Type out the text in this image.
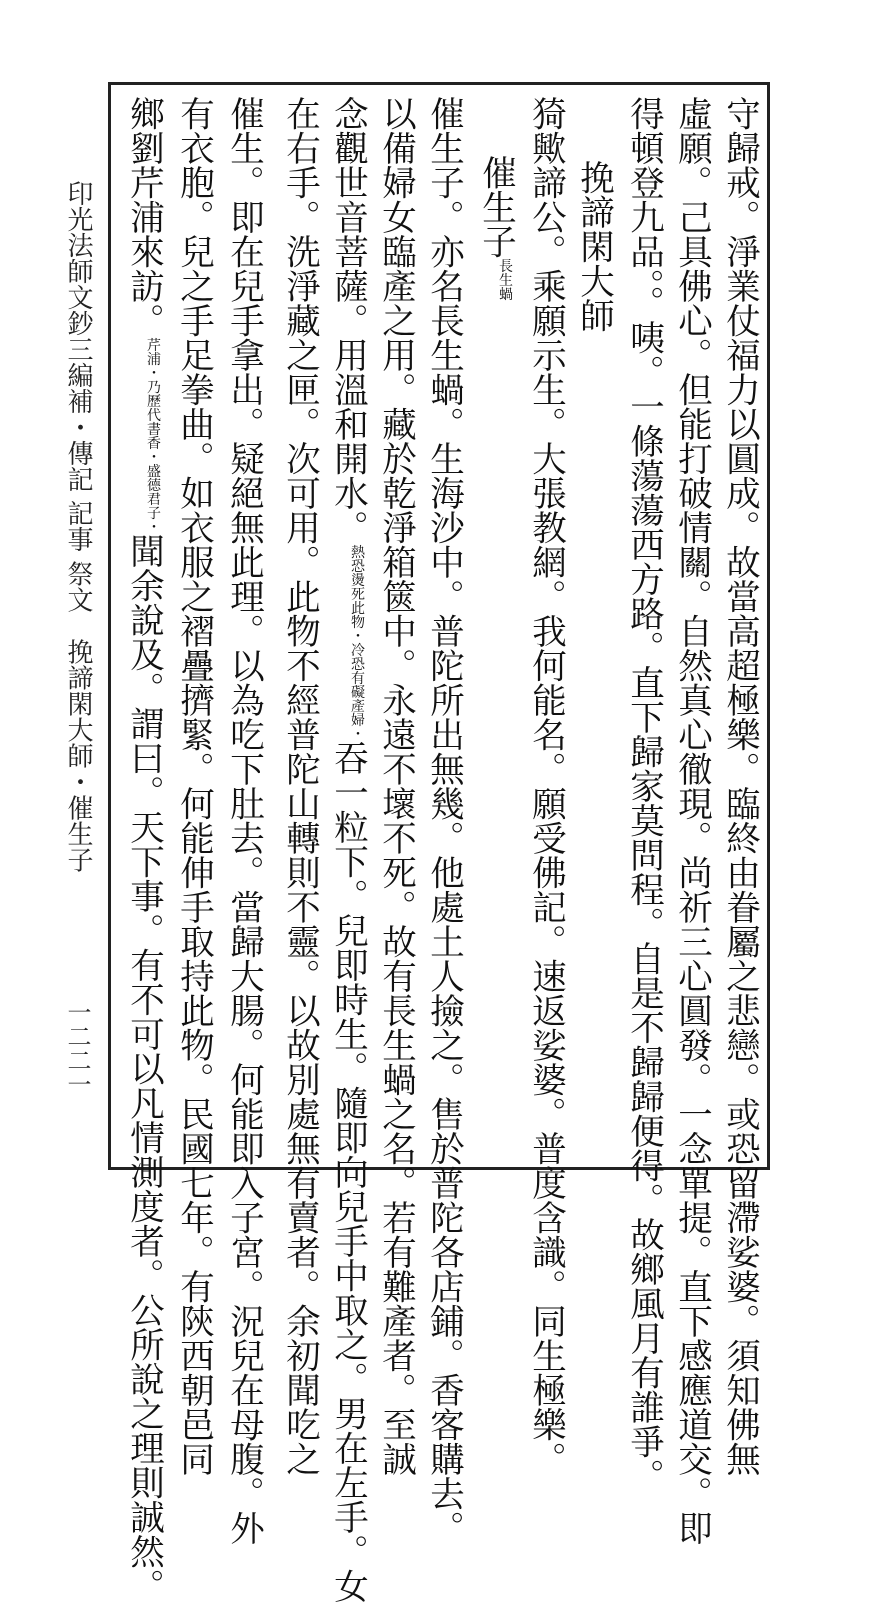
守歸戒。淨業仗福力以圓成。故當高超極樂。臨終由眷屬之悲戀。或恐留滯娑婆。須知佛無
虛願。己具佛心。但能打破情關。自然真心徹現。尚祈三心圓發。一念單提。直下感應道交。即
得頓登九品。。咦。一條蕩蕩西方路。直下歸家莫問程。自是不歸歸便得。故鄉風月有誰爭。
挽諦閑大師
猗歟諦公。乘願示生。大張教網。我何能名。願受佛記。速返娑婆。普度含識。同生極樂。
催生子長生蝸
催生子。亦名長生蝸。生海沙中。普陀所出無幾。他處土人撿之。售於普陀各店鋪。香客購去。
以備婦女臨產之用。藏於乾淨箱篋中。永遠不壞不死。故有長生蝸之名。若有難產者。至誠
念觀世音菩薩。用溫和開水。熱恐燙死此物・冷恐有礙產婦・吞一粒下。兒即時生。隨即向兒手中取之。男在左手。女
在右手。洗淨藏之匣。次可用。此物不經普陀山轉則不靈。以故別處無有賣者。余初聞吃之
催生。即在兒手拿出。疑絕無此理。以為吃下肚去。當歸大腸。何能即入子宮。況兒在母腹。外
有衣胞。兒之手足拳曲。如衣服之褶疊擠緊。何能伸手取持此物。民國七年。有陝西朝邑同
鄉劉芹浦來訪。芹浦・乃歷代書香・盛德君子・聞余說及。謂曰。天下事。有不可以凡情測度者。公所說之理則誠然。
印光法師文鈔三編補・傳記 記事 祭文　挽諦閑大師・催生子
一二二一
